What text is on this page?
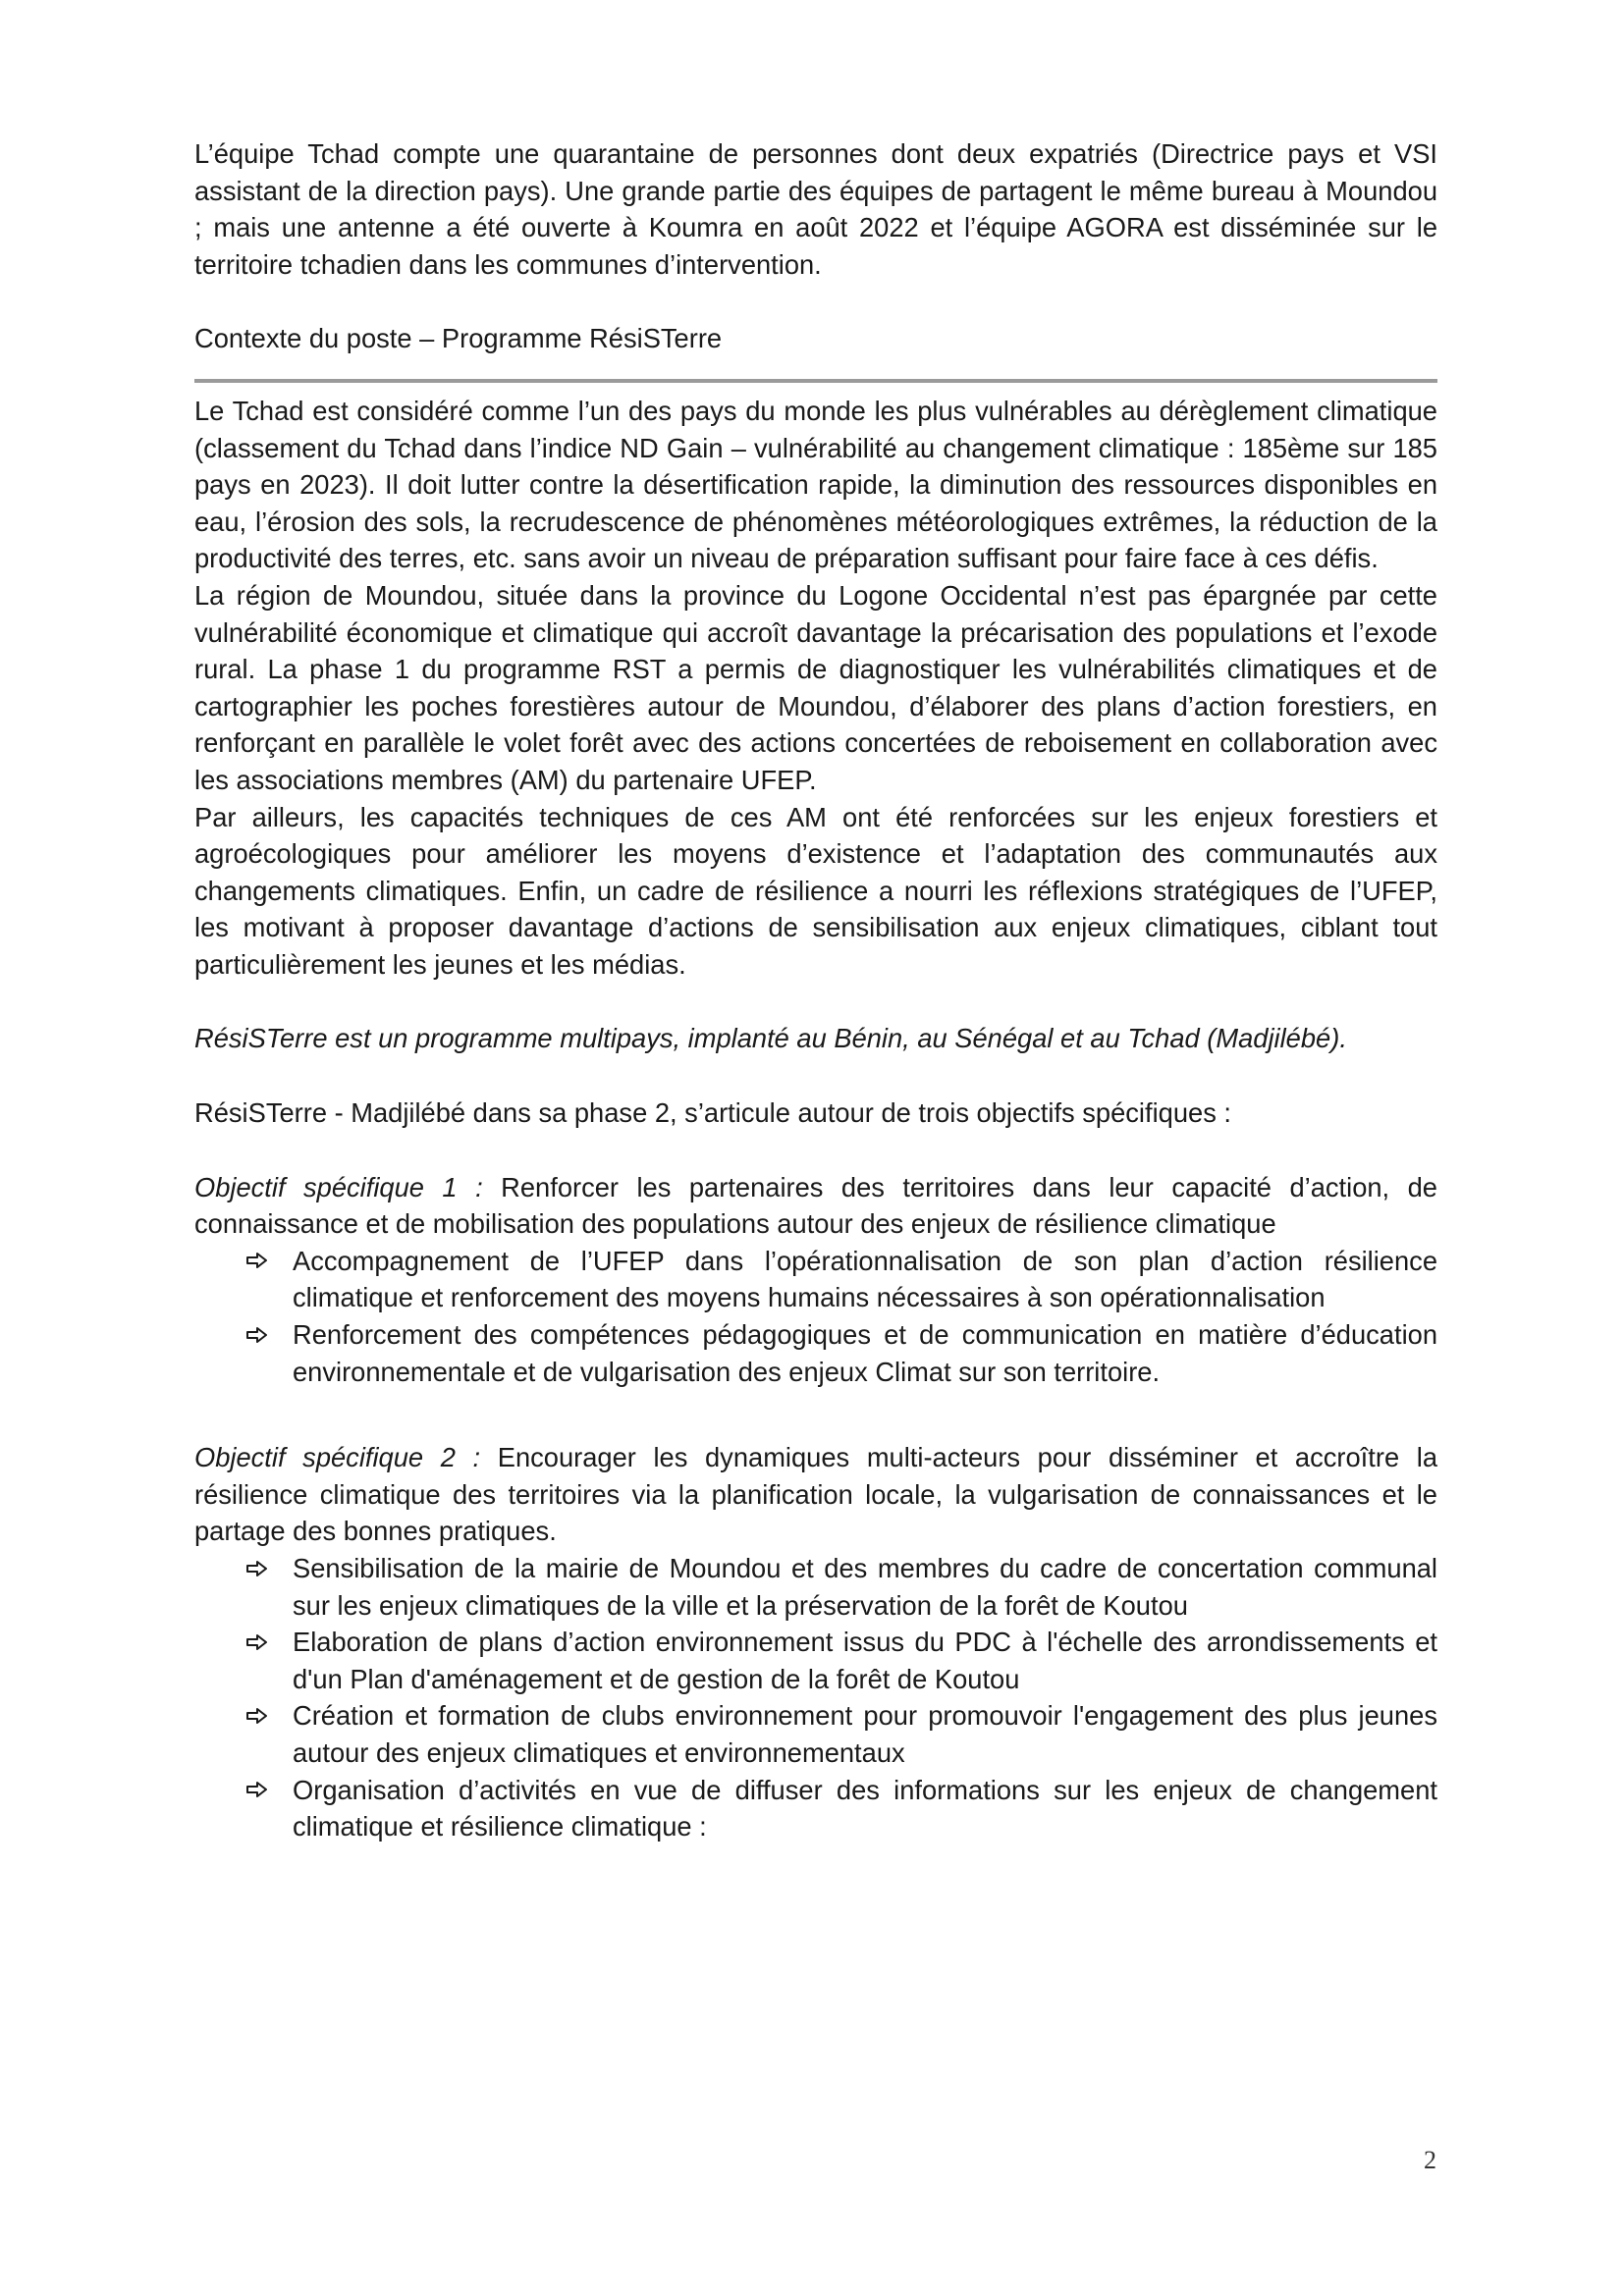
L’équipe Tchad compte une quarantaine de personnes dont deux expatriés (Directrice pays et VSI assistant de la direction pays). Une grande partie des équipes de partagent le même bureau à Moundou ; mais une antenne a été ouverte à Koumra en août 2022 et l’équipe AGORA est disséminée sur le territoire tchadien dans les communes d’intervention.

Contexte du poste – Programme RésiSTerre

Le Tchad est considéré comme l’un des pays du monde les plus vulnérables au dérèglement climatique (classement du Tchad dans l’indice ND Gain – vulnérabilité au changement climatique : 185ème sur 185 pays en 2023). Il doit lutter contre la désertification rapide, la diminution des ressources disponibles en eau, l’érosion des sols, la recrudescence de phénomènes météorologiques extrêmes, la réduction de la productivité des terres, etc. sans avoir un niveau de préparation suffisant pour faire face à ces défis.

La région de Moundou, située dans la province du Logone Occidental n’est pas épargnée par cette vulnérabilité économique et climatique qui accroît davantage la précarisation des populations et l’exode rural. La phase 1 du programme RST a permis de diagnostiquer les vulnérabilités climatiques et de cartographier les poches forestières autour de Moundou, d’élaborer des plans d’action forestiers, en renforçant en parallèle le volet forêt avec des actions concertées de reboisement en collaboration avec les associations membres (AM) du partenaire UFEP.

Par ailleurs, les capacités techniques de ces AM ont été renforcées sur les enjeux forestiers et agroécologiques pour améliorer les moyens d’existence et l’adaptation des communautés aux changements climatiques. Enfin, un cadre de résilience a nourri les réflexions stratégiques de l’UFEP, les motivant à proposer davantage d’actions de sensibilisation aux enjeux climatiques, ciblant tout particulièrement les jeunes et les médias.

RésiSTerre est un programme multipays, implanté au Bénin, au Sénégal et au Tchad (Madjilébé).

RésiSTerre - Madjilébé dans sa phase 2, s’articule autour de trois objectifs spécifiques :

Objectif spécifique 1 : Renforcer les partenaires des territoires dans leur capacité d’action, de connaissance et de mobilisation des populations autour des enjeux de résilience climatique

Accompagnement de l’UFEP dans l’opérationnalisation de son plan d’action résilience climatique et renforcement des moyens humains nécessaires à son opérationnalisation
Renforcement des compétences pédagogiques et de communication en matière d’éducation environnementale et de vulgarisation des enjeux Climat sur son territoire.

Objectif spécifique 2 : Encourager les dynamiques multi-acteurs pour disséminer et accroître la résilience climatique des territoires via la planification locale, la vulgarisation de connaissances et le partage des bonnes pratiques.

Sensibilisation de la mairie de Moundou et des membres du cadre de concertation communal sur les enjeux climatiques de la ville et la préservation de la forêt de Koutou
Elaboration de plans d’action environnement issus du PDC à l'échelle des arrondissements et d'un Plan d'aménagement et de gestion de la forêt de Koutou
Création et formation de clubs environnement pour promouvoir l'engagement des plus jeunes autour des enjeux climatiques et environnementaux
Organisation d’activités en vue de diffuser des informations sur les enjeux de changement climatique et résilience climatique :
2
